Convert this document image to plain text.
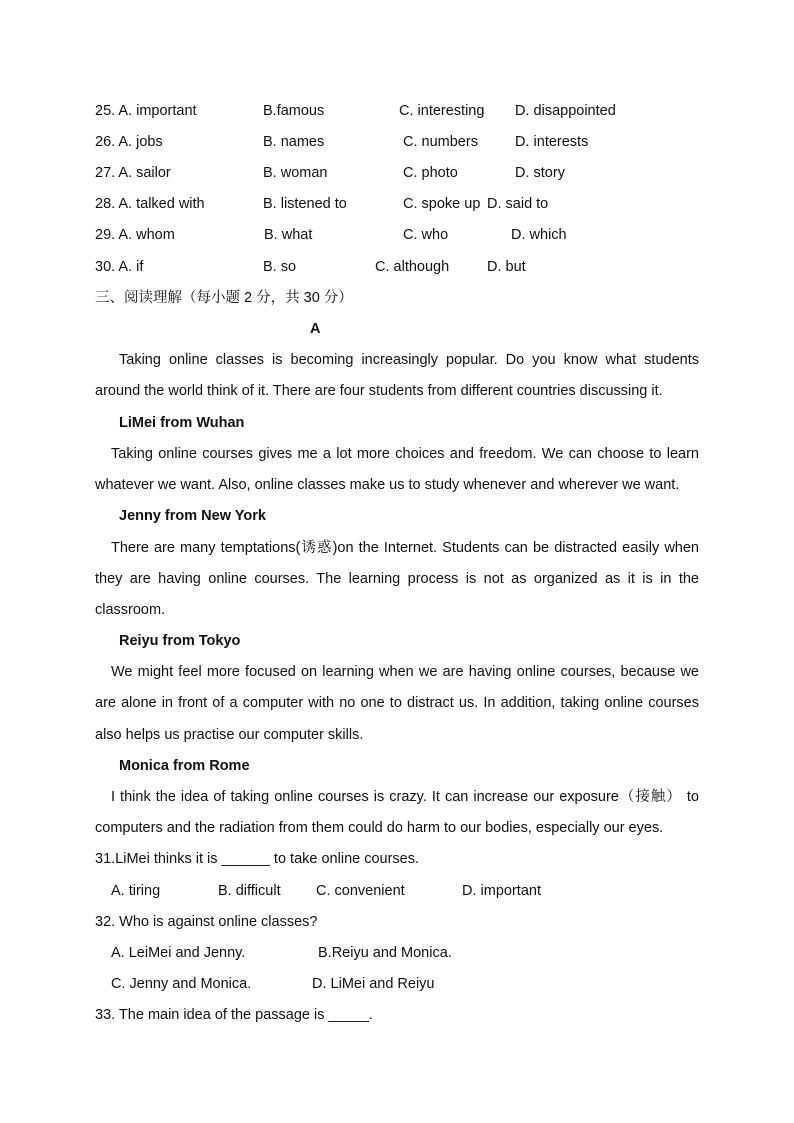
25. A. important	B.famous	C. interesting D. disappointed
26. A. jobs	B. names	C. numbers	D. interests
27. A. sailor	B. woman	C. photo	D. story
28. A. talked with	B. listened to	C. spoke up D. said to
29. A. whom	B. what	C. who	D. which
30. A. if	B. so	C. although	D. but
三、阅读理解（每小题 2 分，共 30 分）
A
Taking online classes is becoming increasingly popular. Do you know what students
around the world think of it. There are four students from different countries discussing it.
LiMei from Wuhan
Taking online courses gives me a lot more choices and freedom. We can choose to learn
whatever we want. Also, online classes make us to study whenever and wherever we want.
Jenny from New York
There are many temptations(诱惑)on the Internet. Students can be distracted easily when
they are having online courses. The learning process is not as organized as it is in the
classroom.
Reiyu from Tokyo
We might feel more focused on learning when we are having online courses, because we
are alone in front of a computer with no one to distract us. In addition, taking online courses
also helps us practise our computer skills.
Monica from Rome
I think the idea of taking online courses is crazy. It can increase our exposure（接触） to
computers and the radiation from them could do harm to our bodies, especially our eyes.
31.LiMei thinks it is ______ to take online courses.
A. tiring	B. difficult C. convenient	D. important
32. Who is against online classes?
A. LeiMei and Jenny.	B.Reiyu and Monica.
C. Jenny and Monica.	D. LiMei and Reiyu
33. The main idea of the passage is _____.
